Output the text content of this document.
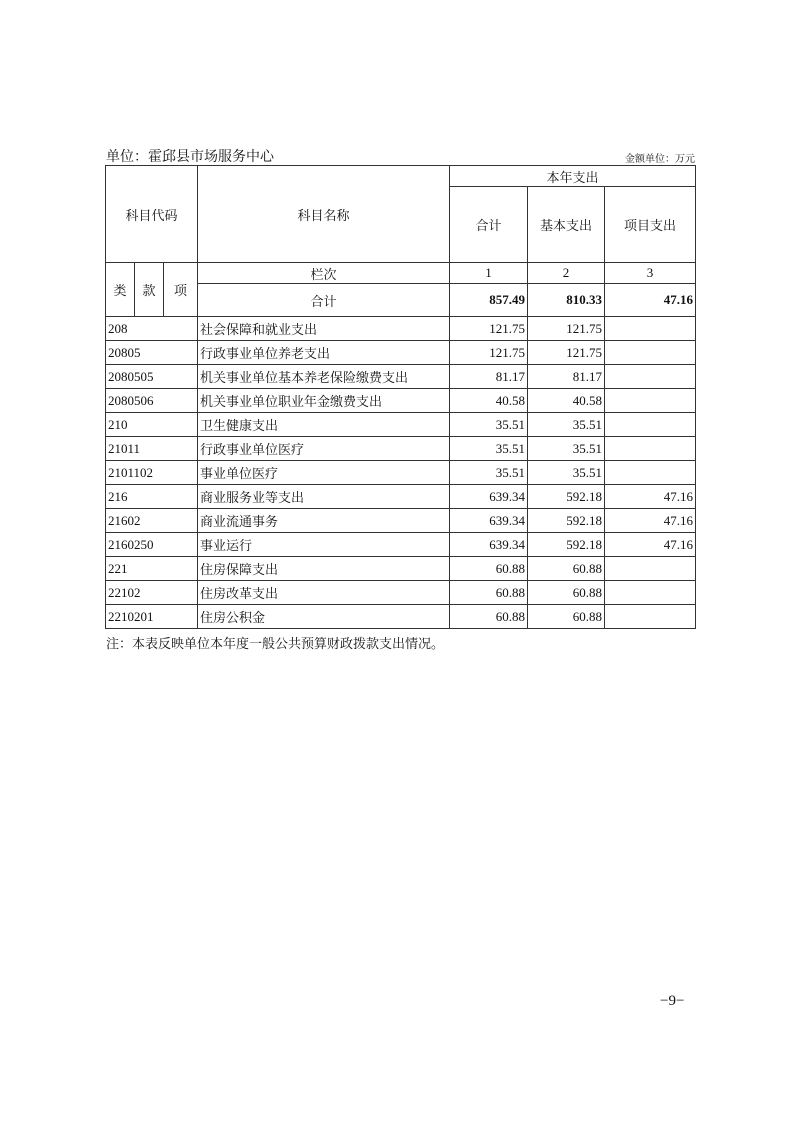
单位：霍邱县市场服务中心	金额单位：万元
科目代码			科目名称	本年支出		
				合计	基本支出	项目支出
类	款	项	栏次	1	2	3
			合计	857.49	810.33	47.16
208			社会保障和就业支出	121.75	121.75	
20805			行政事业单位养老支出	121.75	121.75	
2080505			机关事业单位基本养老保险缴费支出	81.17	81.17	
2080506			机关事业单位职业年金缴费支出	40.58	40.58	
210			卫生健康支出	35.51	35.51	
21011			行政事业单位医疗	35.51	35.51	
2101102			事业单位医疗	35.51	35.51	
216			商业服务业等支出	639.34	592.18	47.16
21602			商业流通事务	639.34	592.18	47.16
2160250			事业运行	639.34	592.18	47.16
221			住房保障支出	60.88	60.88	
22102			住房改革支出	60.88	60.88	
2210201			住房公积金	60.88	60.88	
注：本表反映单位本年度一般公共预算财政拨款支出情况。
−9−
